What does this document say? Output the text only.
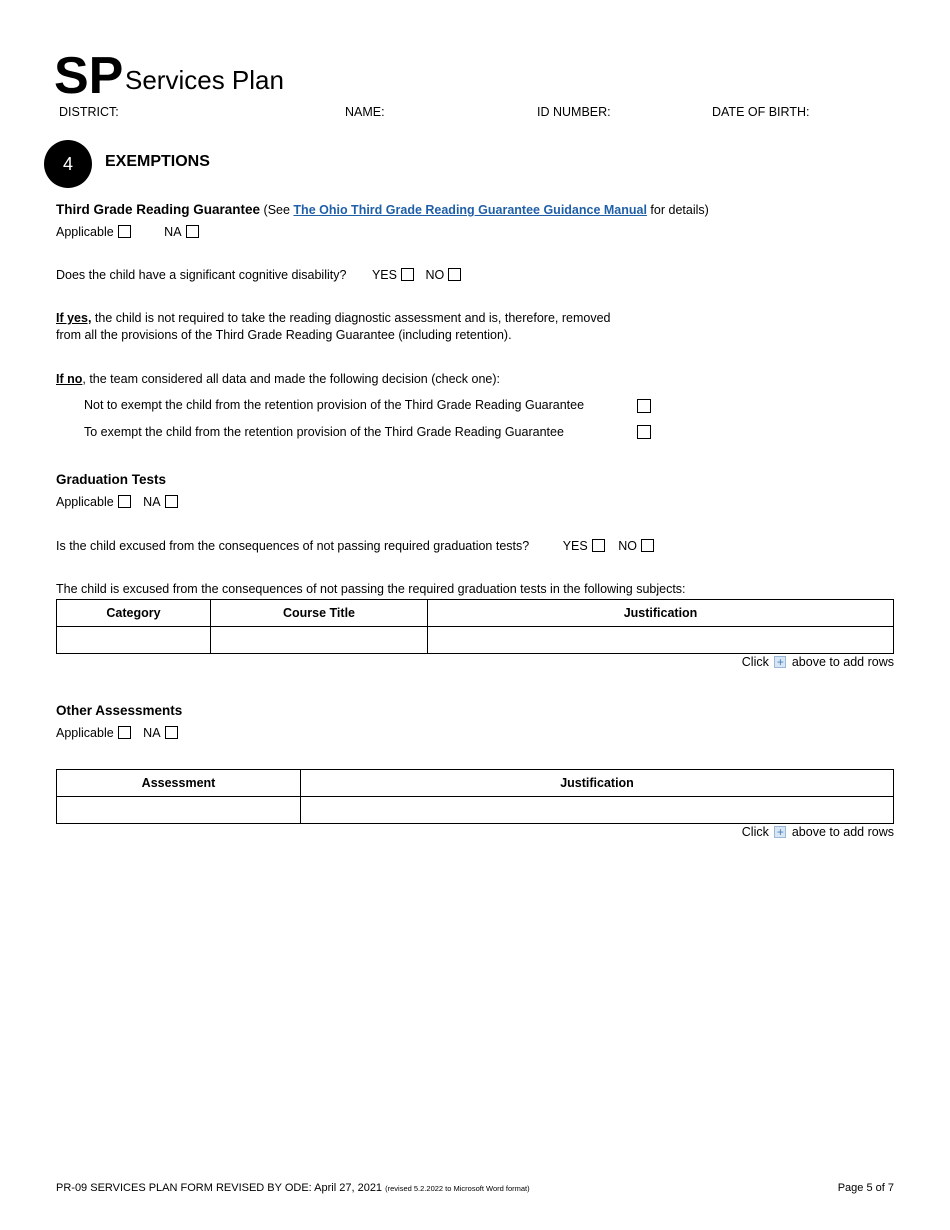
SP Services Plan
DISTRICT:	NAME:	ID NUMBER:	DATE OF BIRTH:
4 EXEMPTIONS
Third Grade Reading Guarantee (See The Ohio Third Grade Reading Guarantee Guidance Manual for details)
Applicable	NA
Does the child have a significant cognitive disability? YES NO
If yes, the child is not required to take the reading diagnostic assessment and is, therefore, removed
from all the provisions of the Third Grade Reading Guarantee (including retention).
If no, the team considered all data and made the following decision (check one):
Not to exempt the child from the retention provision of the Third Grade Reading Guarantee
To exempt the child from the retention provision of the Third Grade Reading Guarantee
Graduation Tests
Applicable NA
Is the child excused from the consequences of not passing required graduation tests?	YES NO
The child is excused from the consequences of not passing the required graduation tests in the following subjects:
Category	Course Title	Justification

Click + above to add rows
Other Assessments
Applicable NA
Assessment	Justification

Click + above to add rows
PR-09 SERVICES PLAN FORM REVISED BY ODE: April 27, 2021 (revised 5.2.2022 to Microsoft Word format)	Page 5 of 7
